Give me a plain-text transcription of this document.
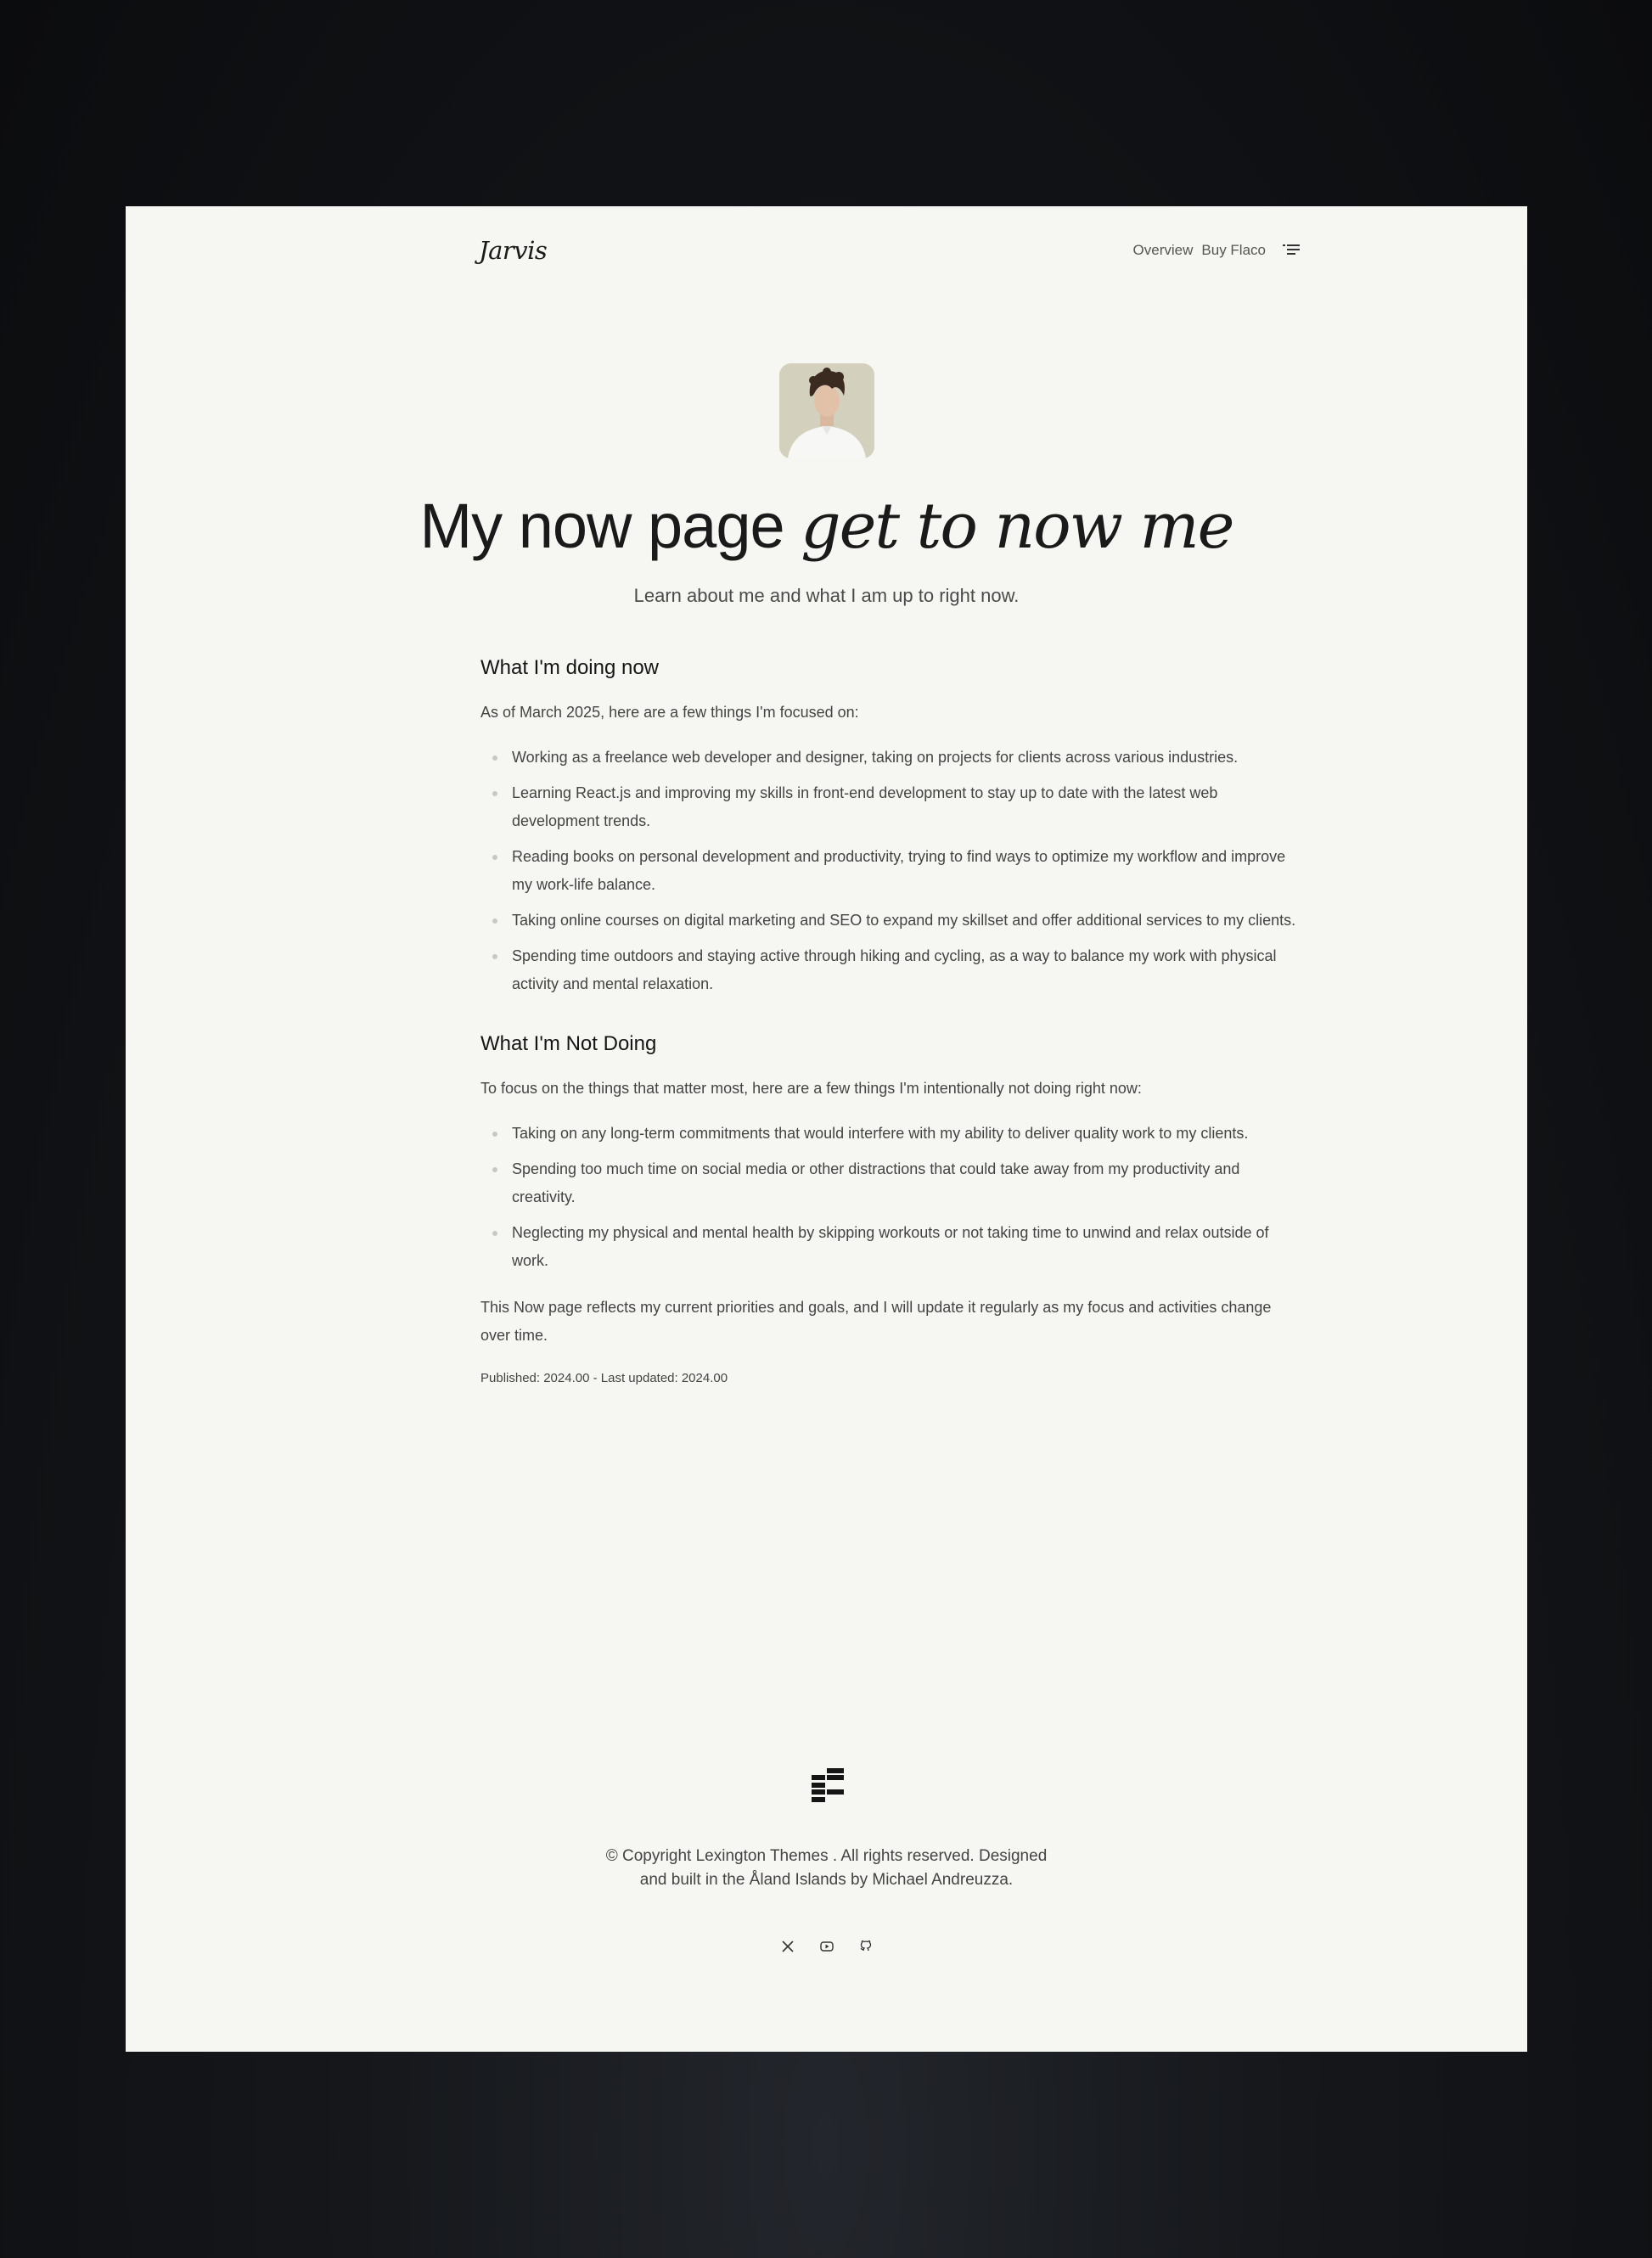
Jarvis	Overview Buy Flaco
My now page get to now me
Learn about me and what I am up to right now.
What I'm doing now

As of March 2025, here are a few things I'm focused on:

Working as a freelance web developer and designer, taking on projects for clients across various industries.
Learning React.js and improving my skills in front-end development to stay up to date with the latest web development trends.
Reading books on personal development and productivity, trying to find ways to optimize my workflow and improve my work-life balance.
Taking online courses on digital marketing and SEO to expand my skillset and offer additional services to my clients.
Spending time outdoors and staying active through hiking and cycling, as a way to balance my work with physical activity and mental relaxation.
What I'm Not Doing

To focus on the things that matter most, here are a few things I'm intentionally not doing right now:

Taking on any long-term commitments that would interfere with my ability to deliver quality work to my clients.
Spending too much time on social media or other distractions that could take away from my productivity and creativity.
Neglecting my physical and mental health by skipping workouts or not taking time to unwind and relax outside of work.

This Now page reflects my current priorities and goals, and I will update it regularly as my focus and activities change over time.

Published: 2024.00 - Last updated: 2024.00

© Copyright Lexington Themes . All rights reserved. Designed
and built in the Åland Islands by Michael Andreuzza.
